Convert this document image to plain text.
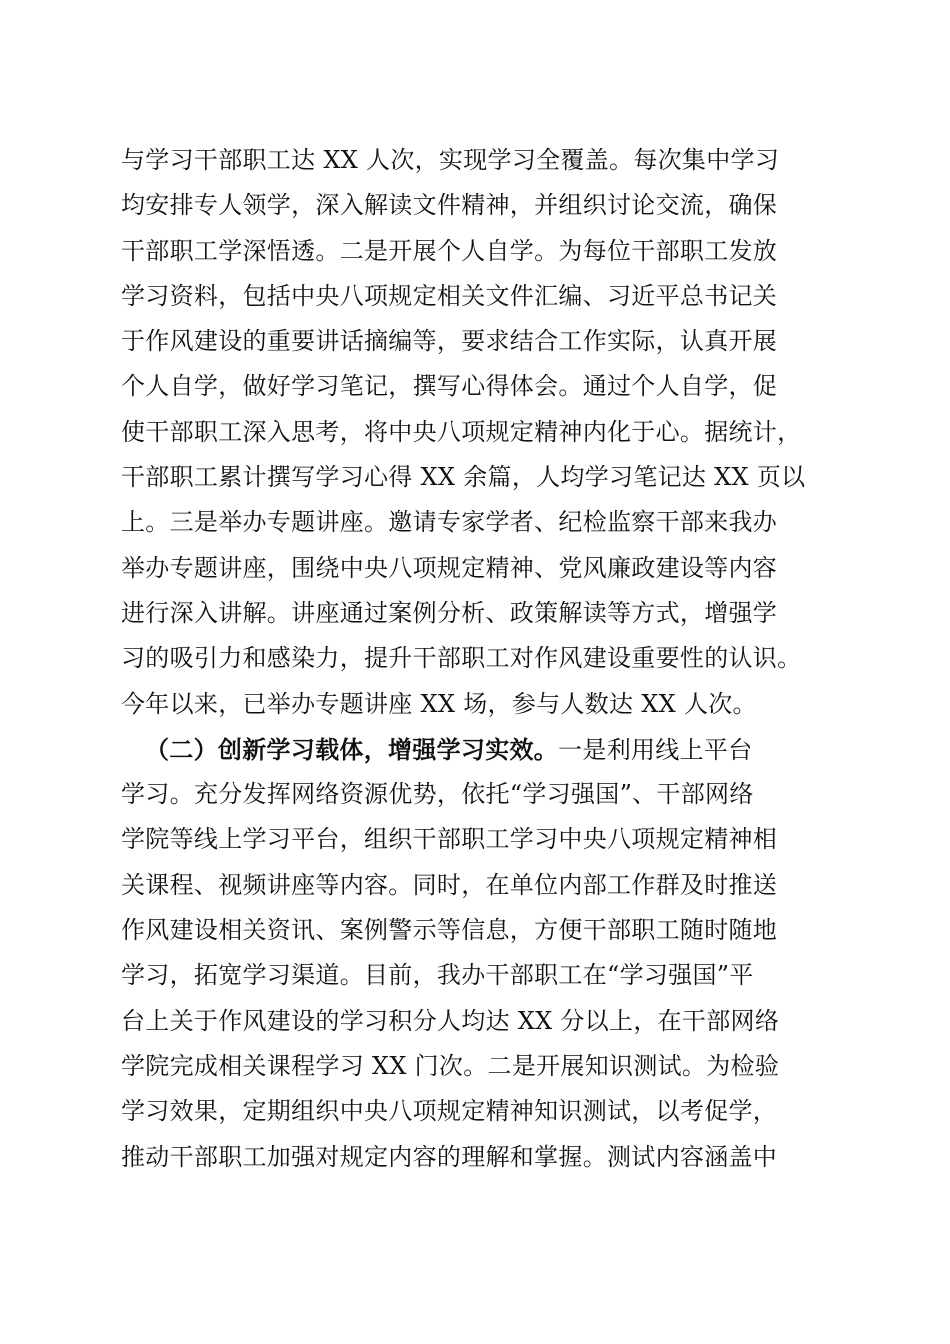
与学习干部职工达 XX 人次，实现学习全覆盖。每次集中学习
均安排专人领学，深入解读文件精神，并组织讨论交流，确保
干部职工学深悟透。二是开展个人自学。为每位干部职工发放
学习资料，包括中央八项规定相关文件汇编、习近平总书记关
于作风建设的重要讲话摘编等，要求结合工作实际，认真开展
个人自学，做好学习笔记，撰写心得体会。通过个人自学，促
使干部职工深入思考，将中央八项规定精神内化于心。据统计，
干部职工累计撰写学习心得 XX 余篇，人均学习笔记达 XX 页以
上。三是举办专题讲座。邀请专家学者、纪检监察干部来我办
举办专题讲座，围绕中央八项规定精神、党风廉政建设等内容
进行深入讲解。讲座通过案例分析、政策解读等方式，增强学
习的吸引力和感染力，提升干部职工对作风建设重要性的认识。
今年以来，已举办专题讲座 XX 场，参与人数达 XX 人次。
（二）创新学习载体，增强学习实效。一是利用线上平台
学习。充分发挥网络资源优势，依托“学习强国”、干部网络
学院等线上学习平台，组织干部职工学习中央八项规定精神相
关课程、视频讲座等内容。同时，在单位内部工作群及时推送
作风建设相关资讯、案例警示等信息，方便干部职工随时随地
学习，拓宽学习渠道。目前，我办干部职工在“学习强国”平
台上关于作风建设的学习积分人均达 XX 分以上，在干部网络
学院完成相关课程学习 XX 门次。二是开展知识测试。为检验
学习效果，定期组织中央八项规定精神知识测试，以考促学，
推动干部职工加强对规定内容的理解和掌握。测试内容涵盖中
